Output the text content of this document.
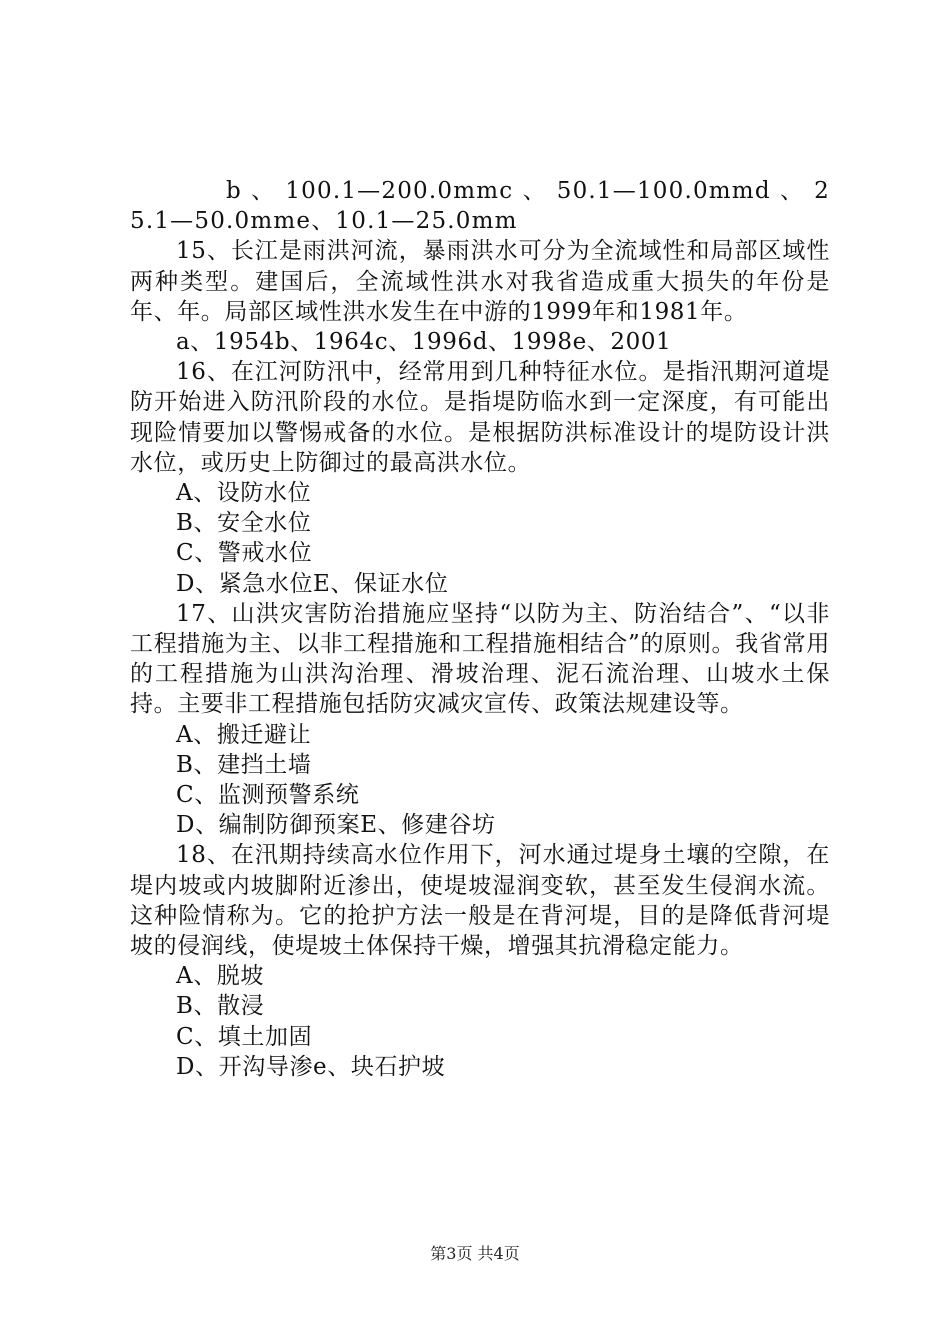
b 、 100.1—200.0mmc 、 50.1—100.0mmd 、 25.1—50.0mme、10.1—25.0mm

15、长江是雨洪河流，暴雨洪水可分为全流域性和局部区域性两种类型。建国后，全流域性洪水对我省造成重大损失的年份是年、年。局部区域性洪水发生在中游的1999年和1981年。

a、1954b、1964c、1996d、1998e、2001

16、在江河防汛中，经常用到几种特征水位。是指汛期河道堤防开始进入防汛阶段的水位。是指堤防临水到一定深度，有可能出现险情要加以警惕戒备的水位。是根据防洪标准设计的堤防设计洪水位，或历史上防御过的最高洪水位。

A、设防水位

B、安全水位

C、警戒水位

D、紧急水位E、保证水位

17、山洪灾害防治措施应坚持“以防为主、防治结合”、“以非工程措施为主、以非工程措施和工程措施相结合”的原则。我省常用的工程措施为山洪沟治理、滑坡治理、泥石流治理、山坡水土保持。主要非工程措施包括防灾减灾宣传、政策法规建设等。

A、搬迁避让

B、建挡土墙

C、监测预警系统

D、编制防御预案E、修建谷坊

18、在汛期持续高水位作用下，河水通过堤身土壤的空隙，在堤内坡或内坡脚附近渗出，使堤坡湿润变软，甚至发生侵润水流。这种险情称为。它的抢护方法一般是在背河堤，目的是降低背河堤坡的侵润线，使堤坡土体保持干燥，增强其抗滑稳定能力。

A、脱坡

B、散浸

C、填土加固

D、开沟导渗e、块石护坡

第3页 共4页
